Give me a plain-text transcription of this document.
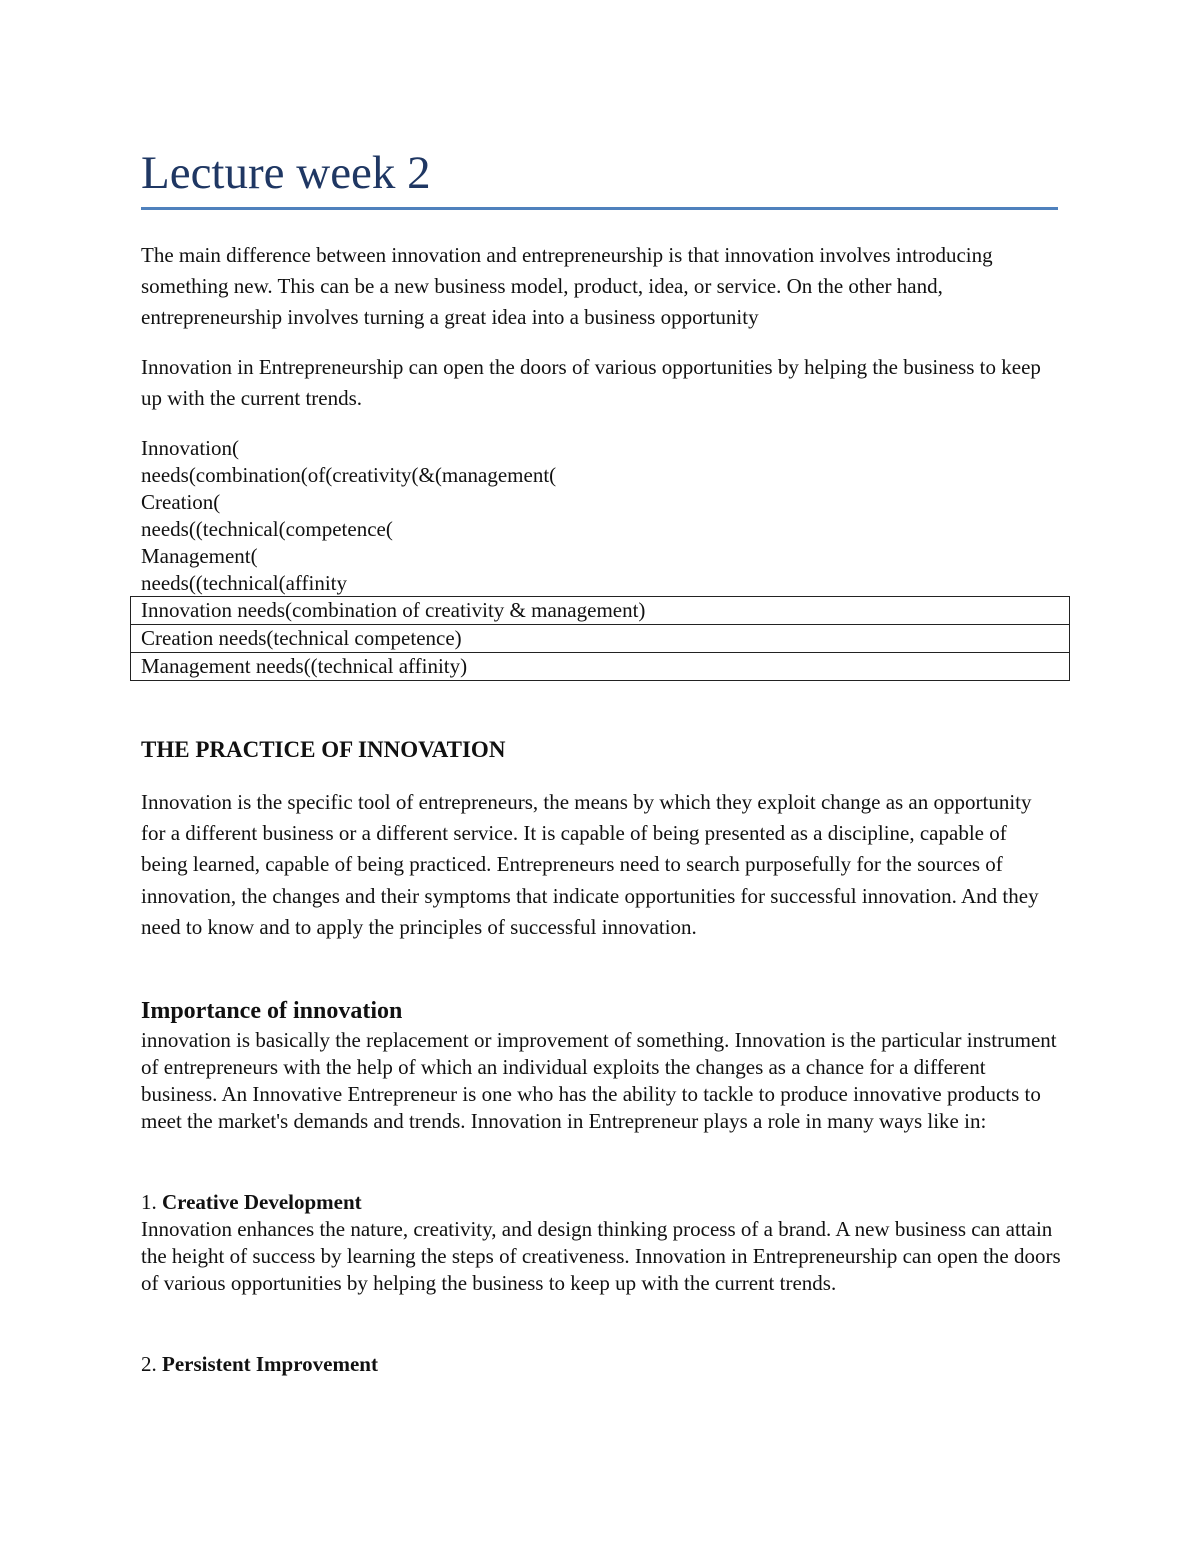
Lecture week 2

The main difference between innovation and entrepreneurship is that innovation involves introducing something new. This can be a new business model, product, idea, or service. On the other hand, entrepreneurship involves turning a great idea into a business opportunity

Innovation in Entrepreneurship can open the doors of various opportunities by helping the business to keep up with the current trends.

Innovation(
needs(combination(of(creativity(&(management(
Creation(
needs((technical(competence(
Management(
needs((technical(affinity
Innovation needs(combination of creativity & management)
Creation needs(technical competence)
Management needs((technical affinity)
THE PRACTICE OF INNOVATION

Innovation is the specific tool of entrepreneurs, the means by which they exploit change as an opportunity for a different business or a different service. It is capable of being presented as a discipline, capable of being learned, capable of being practiced. Entrepreneurs need to search purposefully for the sources of innovation, the changes and their symptoms that indicate opportunities for successful innovation. And they need to know and to apply the principles of successful innovation.

Importance of innovation

innovation is basically the replacement or improvement of something. Innovation is the particular instrument of entrepreneurs with the help of which an individual exploits the changes as a chance for a different business. An Innovative Entrepreneur is one who has the ability to tackle to produce innovative products to meet the market's demands and trends. Innovation in Entrepreneur plays a role in many ways like in:

1. Creative Development

Innovation enhances the nature, creativity, and design thinking process of a brand. A new business can attain the height of success by learning the steps of creativeness. Innovation in Entrepreneurship can open the doors of various opportunities by helping the business to keep up with the current trends.

2. Persistent Improvement
